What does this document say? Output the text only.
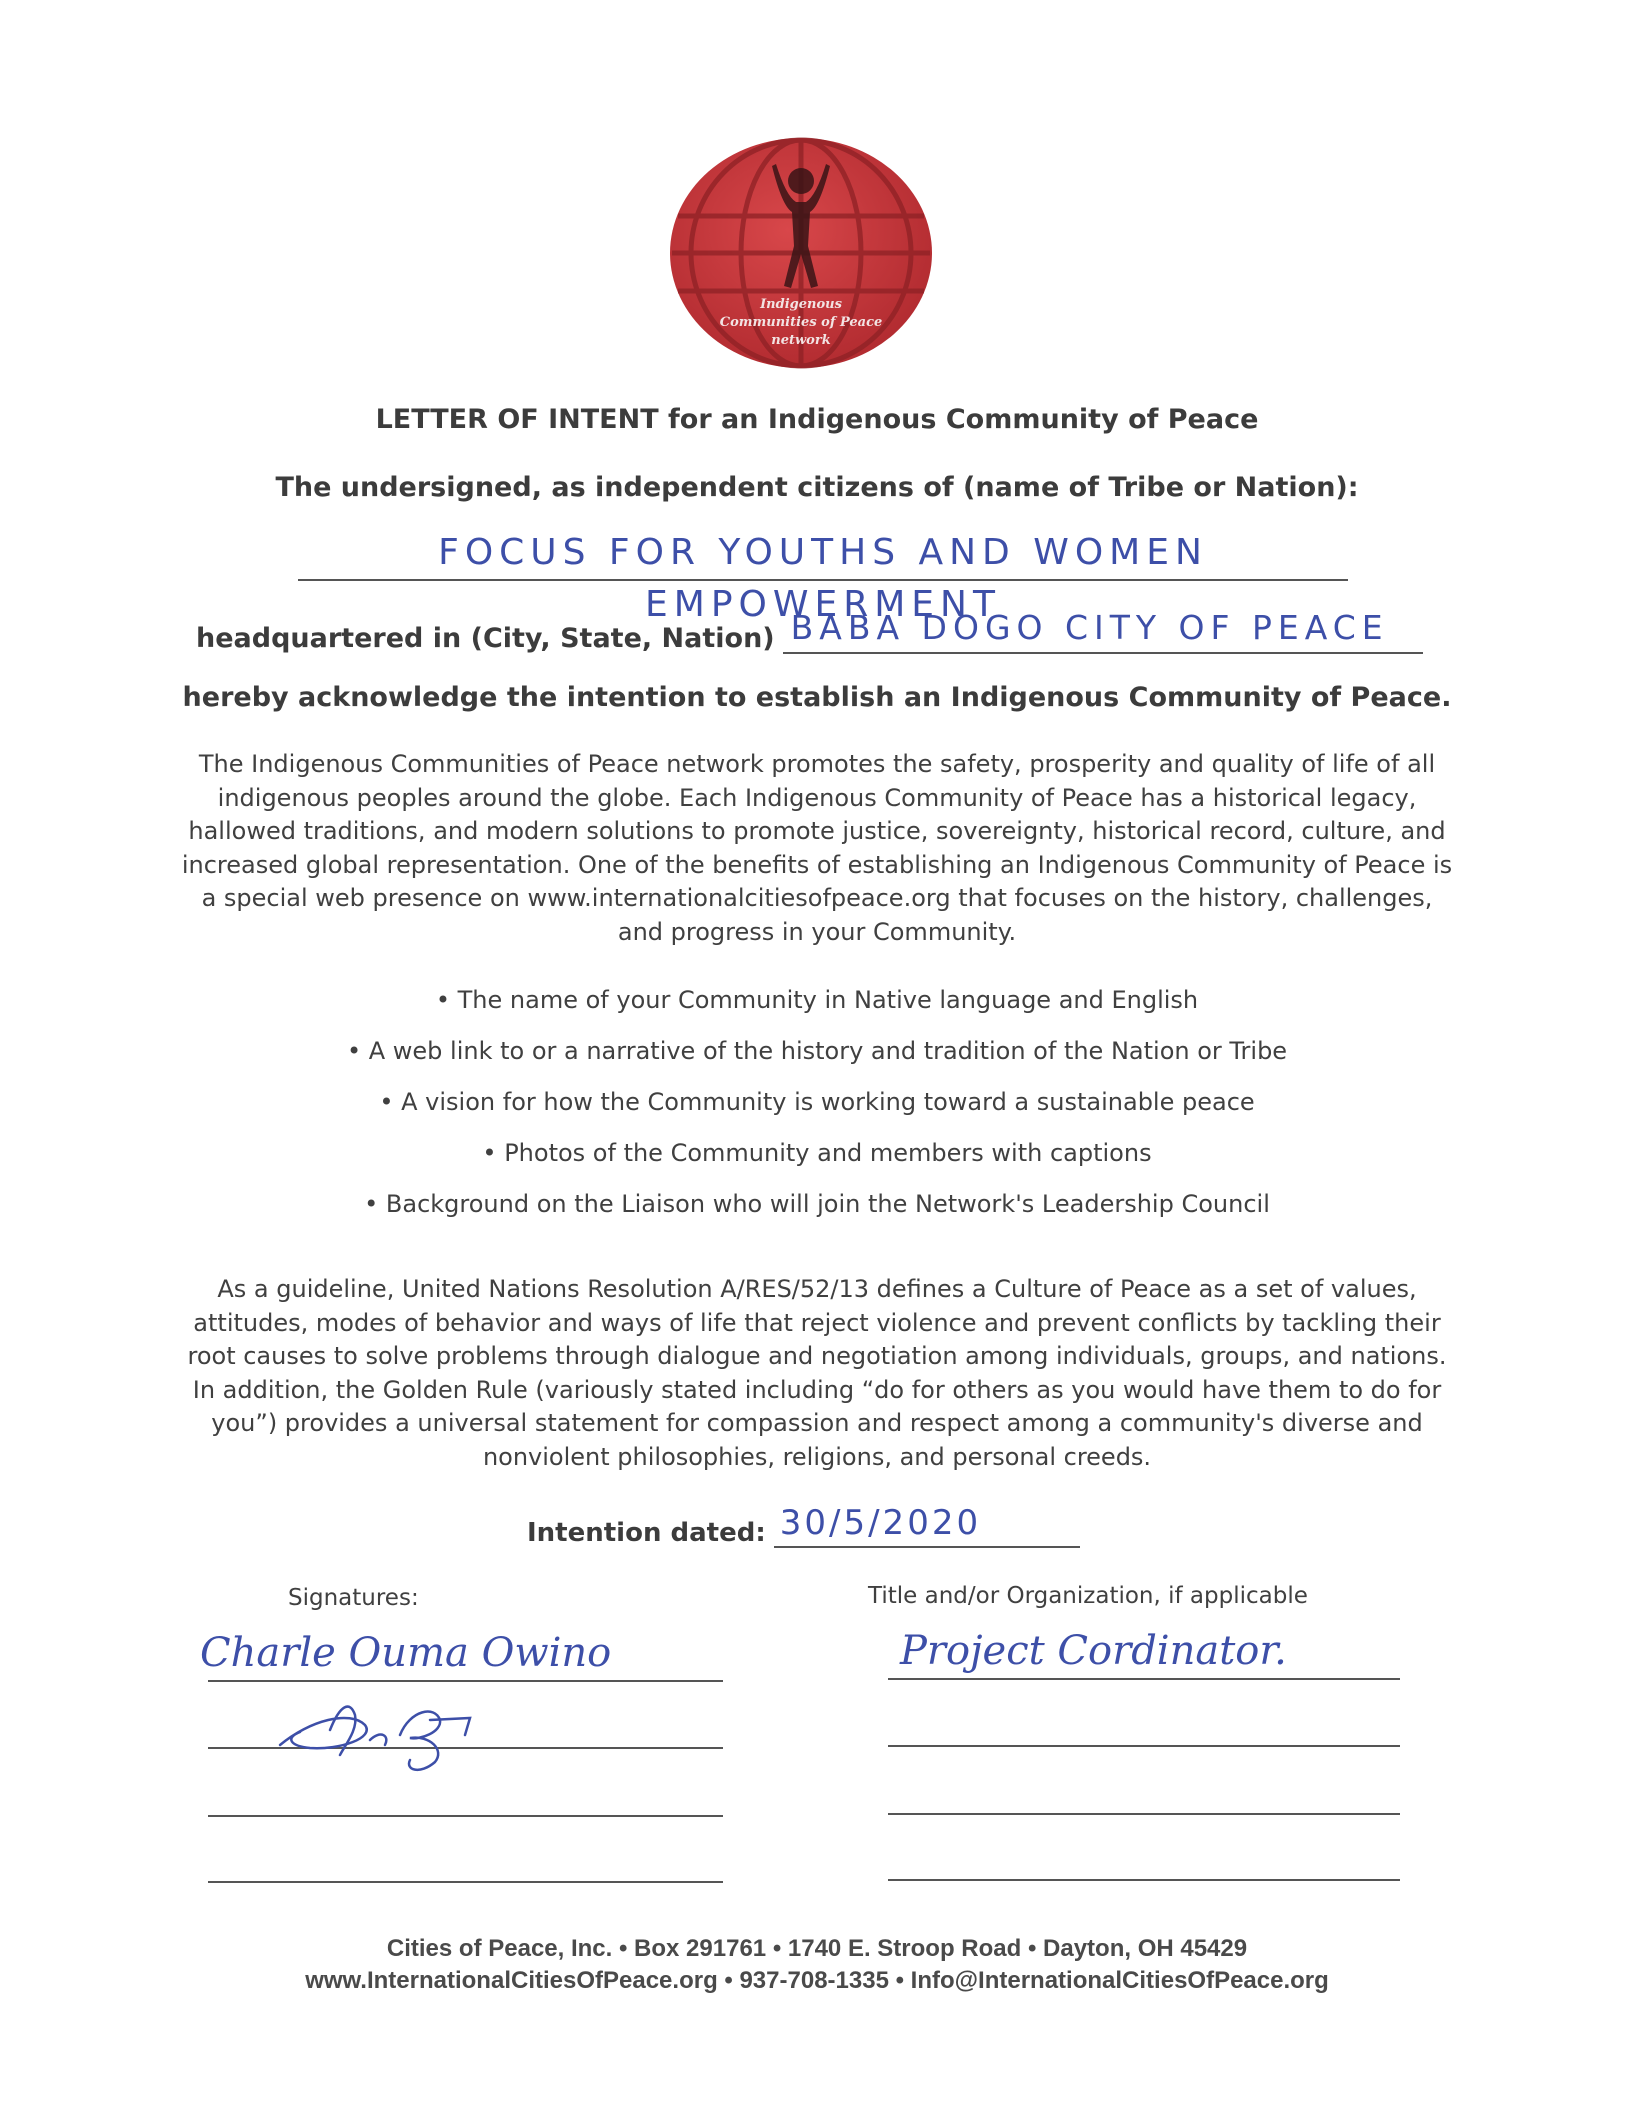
Indigenous
Communities of Peace
network
LETTER OF INTENT for an Indigenous Community of Peace
The undersigned, as independent citizens of (name of Tribe or Nation):
FOCUS FOR YOUTHS AND WOMEN EMPOWERMENT
headquartered in (City, State, Nation) BABA DOGO CITY OF PEACE
hereby acknowledge the intention to establish an Indigenous Community of Peace.
The Indigenous Communities of Peace network promotes the safety, prosperity and quality of life of all indigenous peoples around the globe. Each Indigenous Community of Peace has a historical legacy, hallowed traditions, and modern solutions to promote justice, sovereignty, historical record, culture, and increased global representation. One of the benefits of establishing an Indigenous Community of Peace is a special web presence on www.internationalcitiesofpeace.org that focuses on the history, challenges, and progress in your Community.
• The name of your Community in Native language and English
• A web link to or a narrative of the history and tradition of the Nation or Tribe
• A vision for how the Community is working toward a sustainable peace
• Photos of the Community and members with captions
• Background on the Liaison who will join the Network's Leadership Council
As a guideline, United Nations Resolution A/RES/52/13 defines a Culture of Peace as a set of values, attitudes, modes of behavior and ways of life that reject violence and prevent conflicts by tackling their root causes to solve problems through dialogue and negotiation among individuals, groups, and nations. In addition, the Golden Rule (variously stated including “do for others as you would have them to do for you”) provides a universal statement for compassion and respect among a community's diverse and nonviolent philosophies, religions, and personal creeds.
Intention dated: 30/5/2020
Signatures:	Title and/or Organization, if applicable
Charle Ouma Owino	Project Cordinator.
Cities of Peace, Inc. • Box 291761 • 1740 E. Stroop Road • Dayton, OH 45429
www.InternationalCitiesOfPeace.org • 937-708-1335 • Info@InternationalCitiesOfPeace.org
